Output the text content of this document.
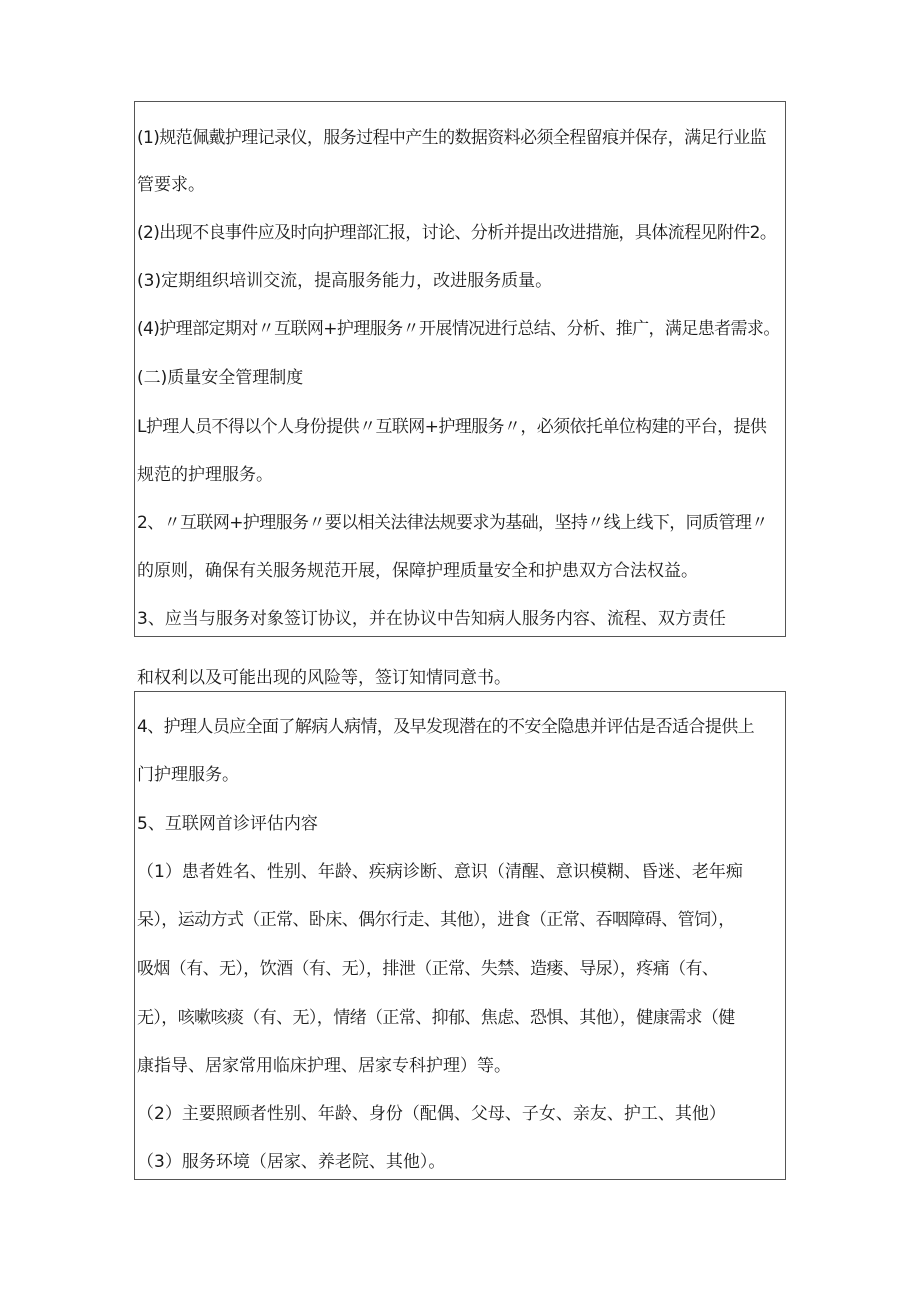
(1)规范佩戴护理记录仪，服务过程中产生的数据资料必须全程留痕并保存，满足行业监
管要求。
(2)出现不良事件应及时向护理部汇报，讨论、分析并提出改进措施，具体流程见附件2。
(3)定期组织培训交流，提高服务能力，改进服务质量。
(4)护理部定期对〃互联网+护理服务〃开展情况进行总结、分析、推广，满足患者需求。
(二)质量安全管理制度
L护理人员不得以个人身份提供〃互联网+护理服务〃，必须依托单位构建的平台，提供
规范的护理服务。
2、〃互联网+护理服务〃要以相关法律法规要求为基础，坚持〃线上线下，同质管理〃
的原则，确保有关服务规范开展，保障护理质量安全和护患双方合法权益。
3、应当与服务对象签订协议，并在协议中告知病人服务内容、流程、双方责任
和权利以及可能出现的风险等，签订知情同意书。
4、护理人员应全面了解病人病情，及早发现潜在的不安全隐患并评估是否适合提供上
门护理服务。
5、互联网首诊评估内容
（1）患者姓名、性别、年龄、疾病诊断、意识（清醒、意识模糊、昏迷、老年痴
呆），运动方式（正常、卧床、偶尔行走、其他），进食（正常、吞咽障碍、管饲），
吸烟（有、无），饮酒（有、无），排泄（正常、失禁、造瘘、导尿），疼痛（有、
无），咳嗽咳痰（有、无），情绪（正常、抑郁、焦虑、恐惧、其他），健康需求（健
康指导、居家常用临床护理、居家专科护理）等。
（2）主要照顾者性别、年龄、身份（配偶、父母、子女、亲友、护工、其他）
（3）服务环境（居家、养老院、其他）。
